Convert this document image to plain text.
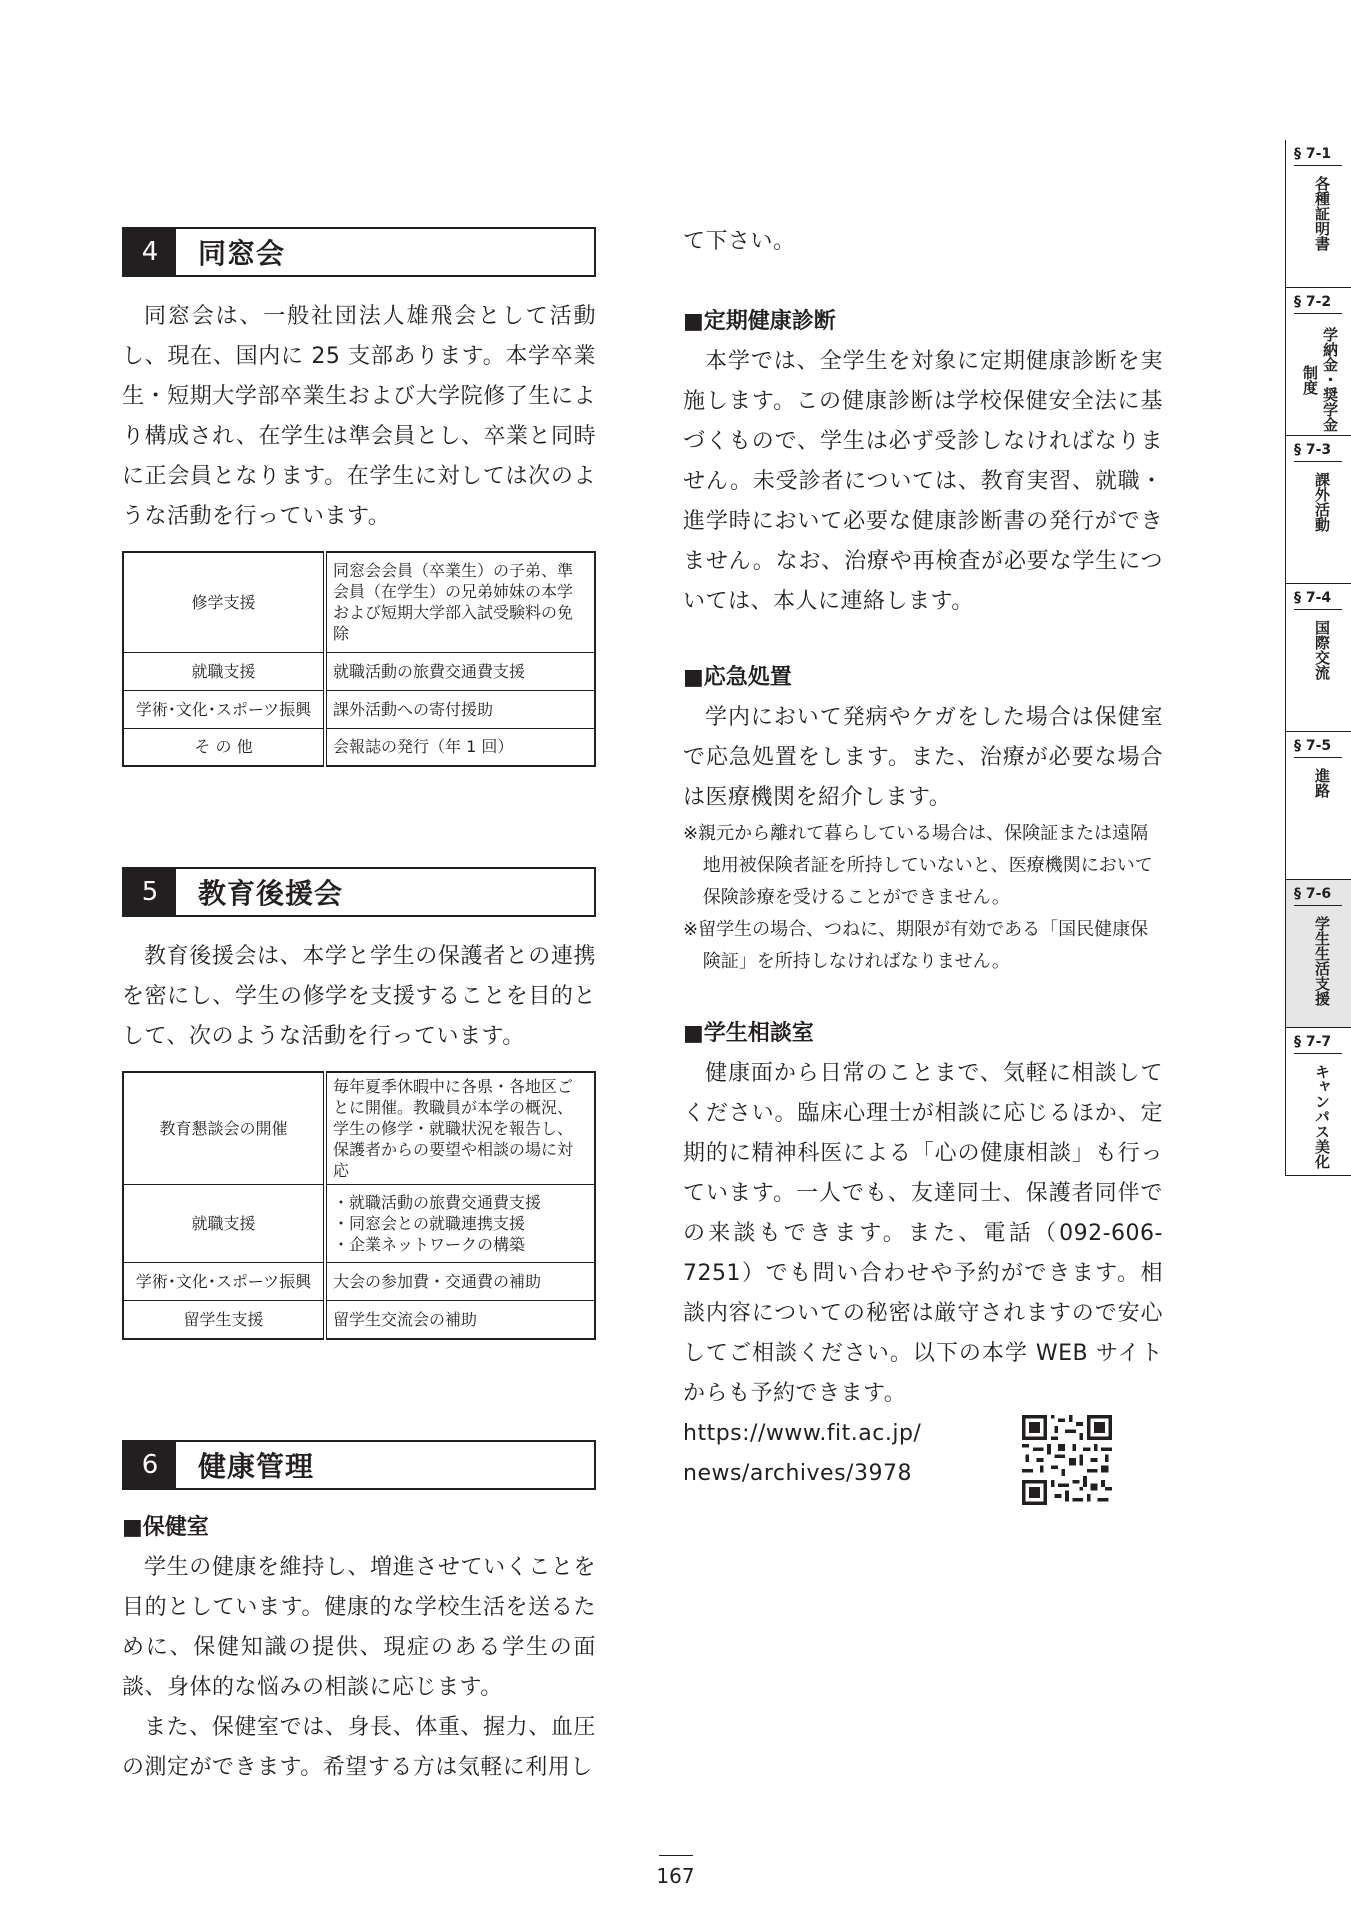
4	同窓会

同窓会は、一般社団法人雄飛会として活動し、現在、国内に 25 支部あります。本学卒業生・短期大学部卒業生および大学院修了生により構成され、在学生は準会員とし、卒業と同時に正会員となります。在学生に対しては次のような活動を行っています。

修学支援	同窓会会員（卒業生）の子弟、準会員（在学生）の兄弟姉妹の本学および短期大学部入試受験料の免除
就職支援	就職活動の旅費交通費支援
学術･文化･スポーツ振興	課外活動への寄付援助
そ の 他	会報誌の発行（年 1 回）
5	教育後援会

教育後援会は、本学と学生の保護者との連携を密にし、学生の修学を支援することを目的として、次のような活動を行っています。

教育懇談会の開催	毎年夏季休暇中に各県・各地区ごとに開催。教職員が本学の概況、学生の修学・就職状況を報告し、保護者からの要望や相談の場に対応
就職支援	・就職活動の旅費交通費支援
・同窓会との就職連携支援
・企業ネットワークの構築
学術･文化･スポーツ振興	大会の参加費・交通費の補助
留学生支援	留学生交流会の補助
6	健康管理

■保健室

学生の健康を維持し、増進させていくことを目的としています。健康的な学校生活を送るために、保健知識の提供、現症のある学生の面談、身体的な悩みの相談に応じます。

また、保健室では、身長、体重、握力、血圧の測定ができます。希望する方は気軽に利用し

て下さい。

■定期健康診断

本学では、全学生を対象に定期健康診断を実施します。この健康診断は学校保健安全法に基づくもので、学生は必ず受診しなければなりません。未受診者については、教育実習、就職・進学時において必要な健康診断書の発行ができません。なお、治療や再検査が必要な学生については、本人に連絡します。

■応急処置

学内において発病やケガをした場合は保健室で応急処置をします。また、治療が必要な場合は医療機関を紹介します。

※親元から離れて暮らしている場合は、保険証または遠隔地用被保険者証を所持していないと、医療機関において保険診療を受けることができません。

※留学生の場合、つねに、期限が有効である「国民健康保険証」を所持しなければなりません。

■学生相談室

健康面から日常のことまで、気軽に相談してください。臨床心理士が相談に応じるほか、定期的に精神科医による「心の健康相談」も行っています。一人でも、友達同士、保護者同伴での来談もできます。また、電話（092-606-7251）でも問い合わせや予約ができます。相談内容についての秘密は厳守されますので安心してご相談ください。以下の本学 WEB サイトからも予約できます。

https://www.fit.ac.jp/

news/archives/3978

§ 7-1
各種証明書
§ 7-2
学納金・奨学金制度
§ 7-3
課外活動
§ 7-4
国際交流
§ 7-5
進路
§ 7-6
学生生活支援
§ 7-7
キャンパス美化
167
